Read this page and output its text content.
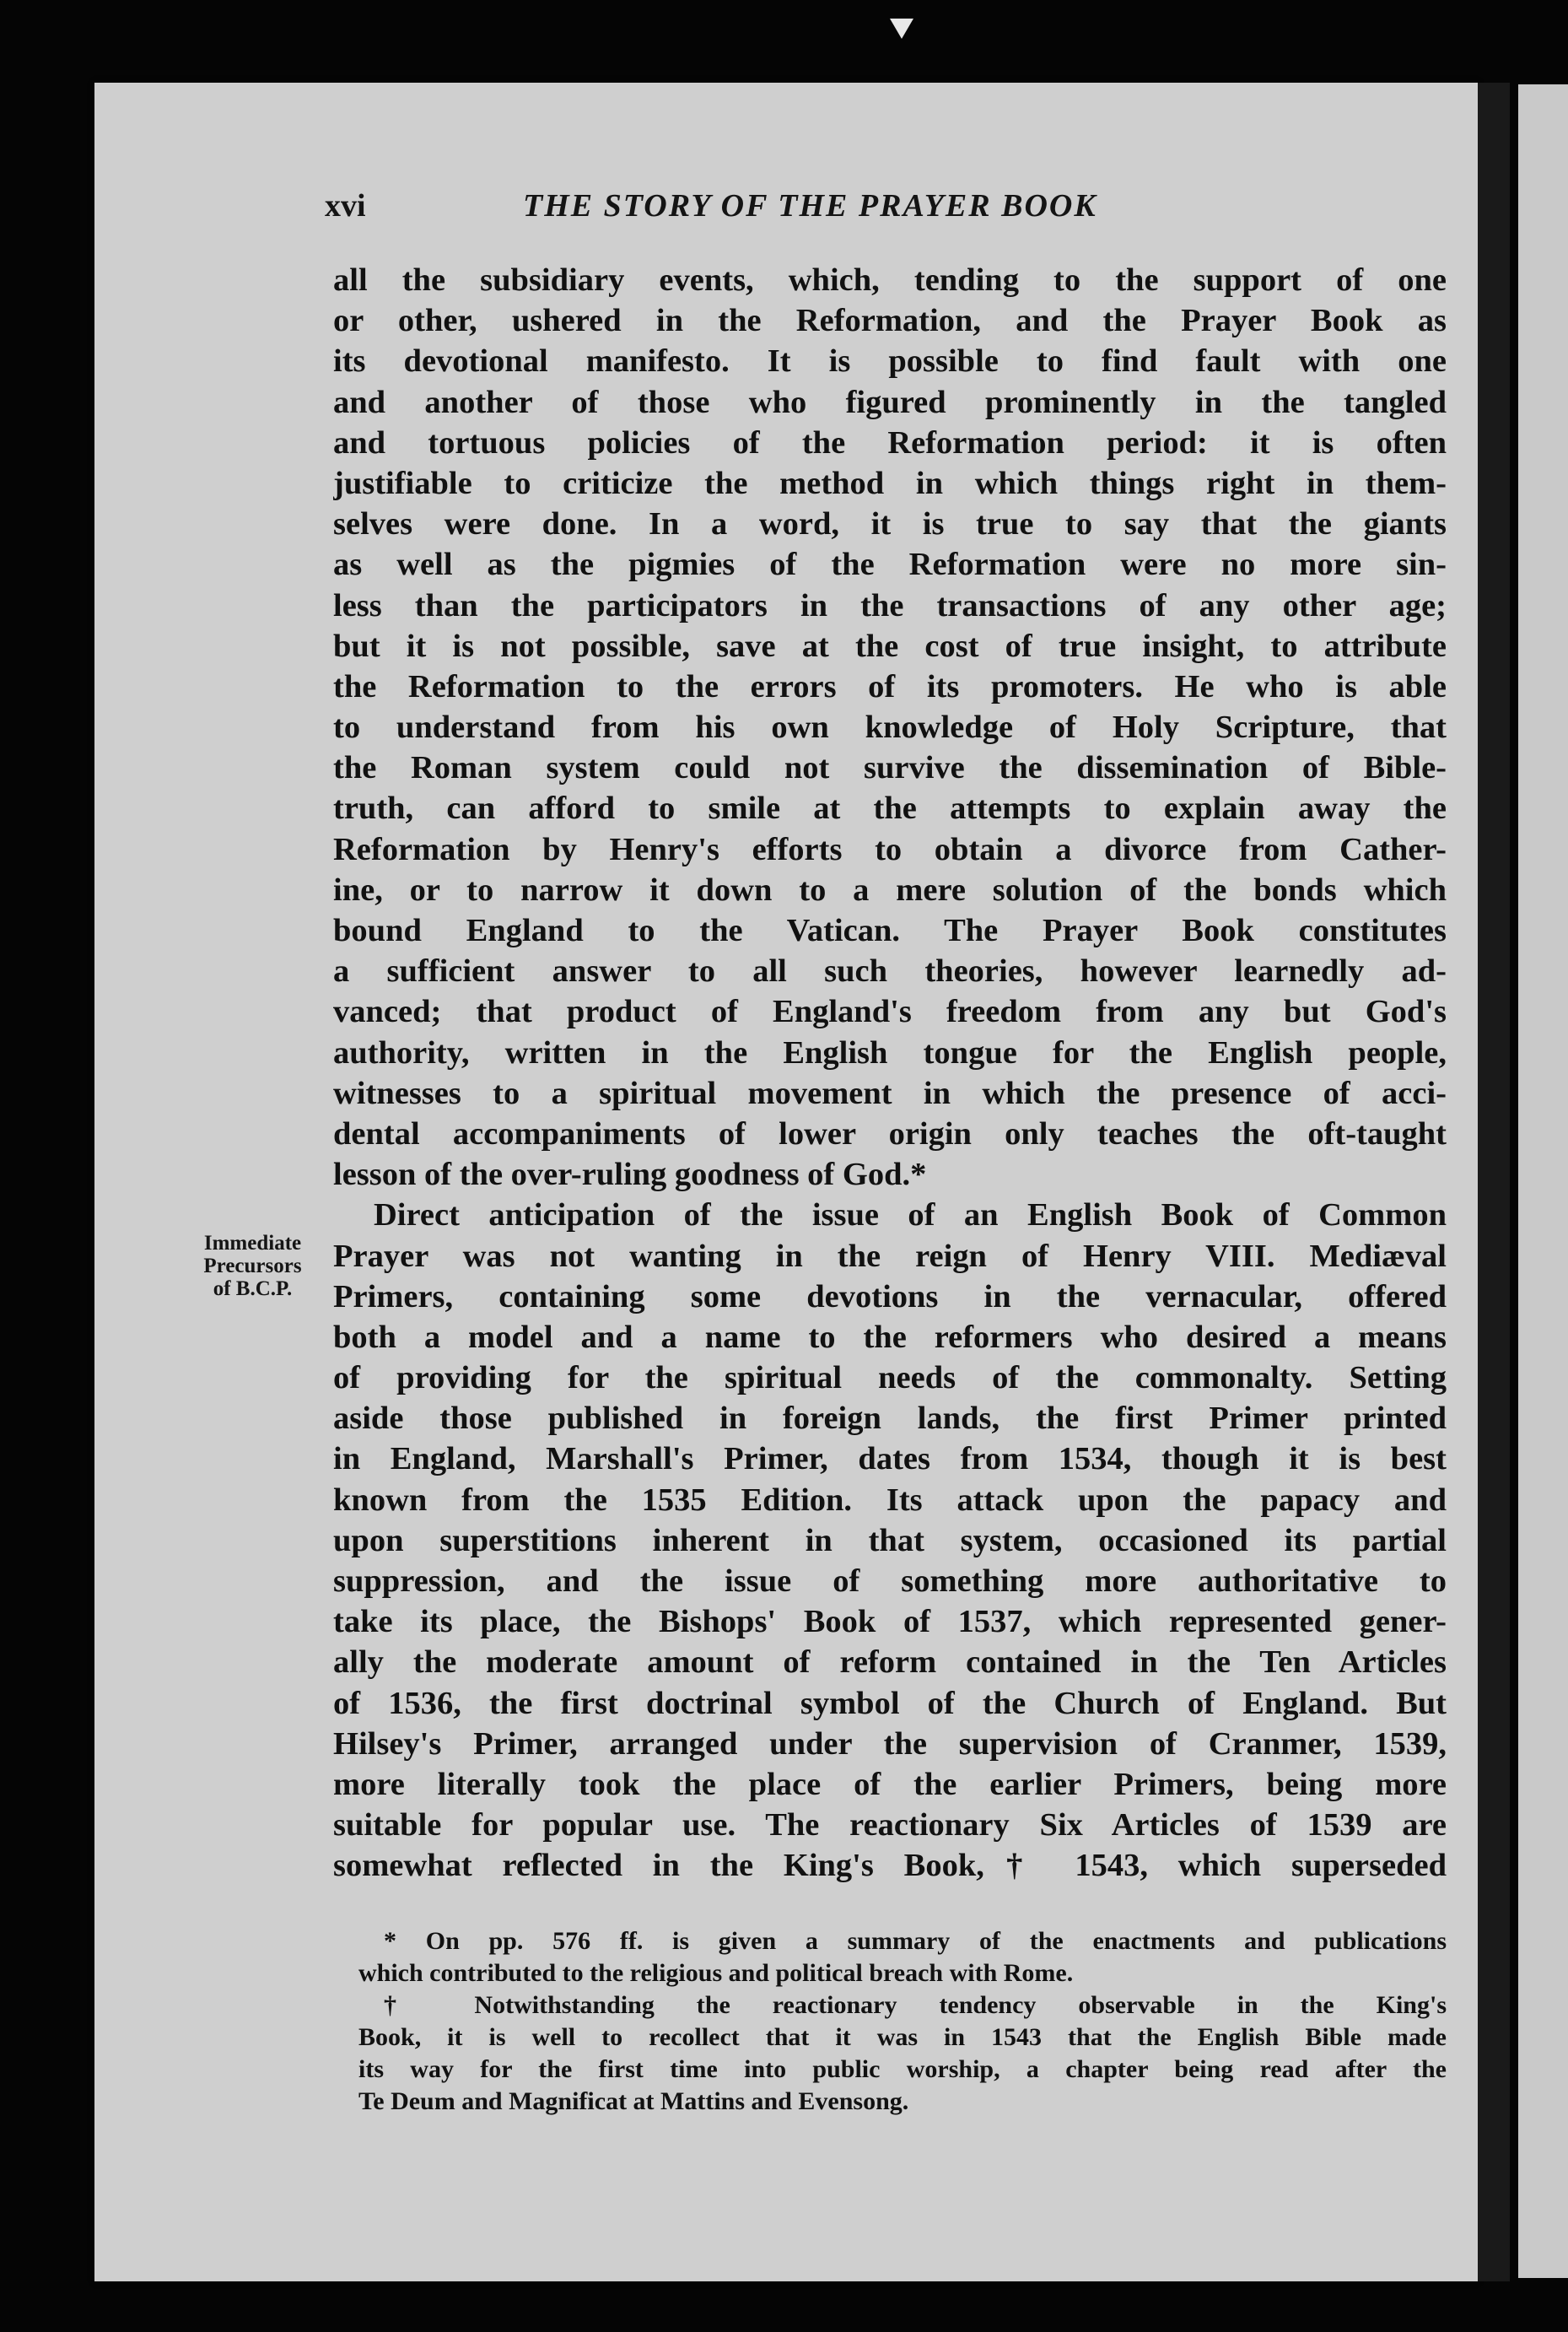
xvi	THE STORY OF THE PRAYER BOOK
Immediate
Precursors
of B.C.P.
all the subsidiary events, which, tending to the support of one
or other, ushered in the Reformation, and the Prayer Book as
its devotional manifesto. It is possible to find fault with one
and another of those who figured prominently in the tangled
and tortuous policies of the Reformation period: it is often
justifiable to criticize the method in which things right in them-
selves were done. In a word, it is true to say that the giants
as well as the pigmies of the Reformation were no more sin-
less than the participators in the transactions of any other age;
but it is not possible, save at the cost of true insight, to attribute
the Reformation to the errors of its promoters. He who is able
to understand from his own knowledge of Holy Scripture, that
the Roman system could not survive the dissemination of Bible-
truth, can afford to smile at the attempts to explain away the
Reformation by Henry's efforts to obtain a divorce from Cather-
ine, or to narrow it down to a mere solution of the bonds which
bound England to the Vatican. The Prayer Book constitutes
a sufficient answer to all such theories, however learnedly ad-
vanced; that product of England's freedom from any but God's
authority, written in the English tongue for the English people,
witnesses to a spiritual movement in which the presence of acci-
dental accompaniments of lower origin only teaches the oft-taught
lesson of the over-ruling goodness of God.*
Direct anticipation of the issue of an English Book of Common
Prayer was not wanting in the reign of Henry VIII. Mediæval
Primers, containing some devotions in the vernacular, offered
both a model and a name to the reformers who desired a means
of providing for the spiritual needs of the commonalty. Setting
aside those published in foreign lands, the first Primer printed
in England, Marshall's Primer, dates from 1534, though it is best
known from the 1535 Edition. Its attack upon the papacy and
upon superstitions inherent in that system, occasioned its partial
suppression, and the issue of something more authoritative to
take its place, the Bishops' Book of 1537, which represented gener-
ally the moderate amount of reform contained in the Ten Articles
of 1536, the first doctrinal symbol of the Church of England. But
Hilsey's Primer, arranged under the supervision of Cranmer, 1539,
more literally took the place of the earlier Primers, being more
suitable for popular use. The reactionary Six Articles of 1539 are
somewhat reflected in the King's Book,† 1543, which superseded
* On pp. 576 ff. is given a summary of the enactments and publications
which contributed to the religious and political breach with Rome.
† Notwithstanding the reactionary tendency observable in the King's
Book, it is well to recollect that it was in 1543 that the English Bible made
its way for the first time into public worship, a chapter being read after the
Te Deum and Magnificat at Mattins and Evensong.
